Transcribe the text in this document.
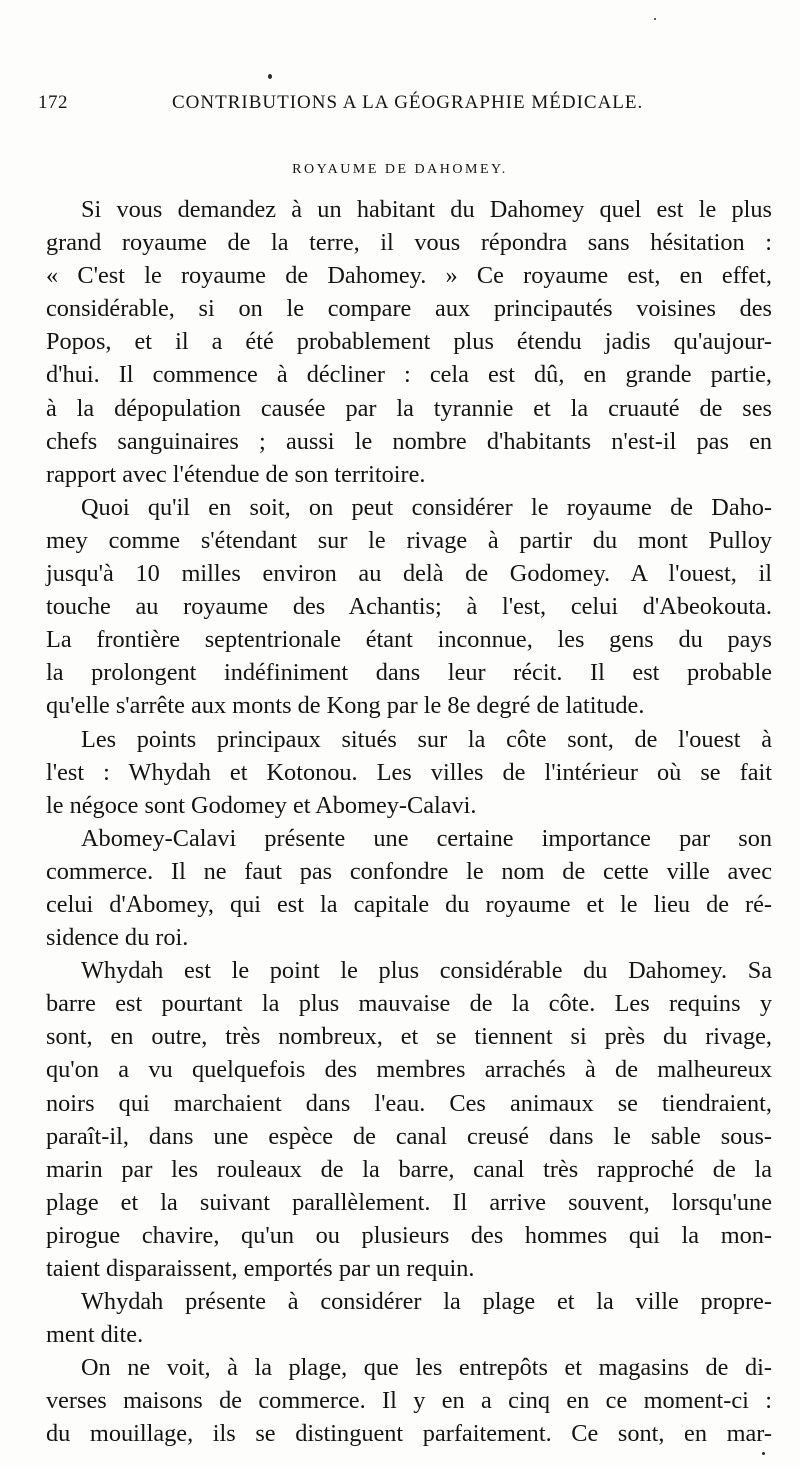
172	CONTRIBUTIONS A LA GÉOGRAPHIE MÉDICALE.
ROYAUME DE DAHOMEY.
Si vous demandez à un habitant du Dahomey quel est le plus
grand royaume de la terre, il vous répondra sans hésitation :
« C'est le royaume de Dahomey. » Ce royaume est, en effet,
considérable, si on le compare aux principautés voisines des
Popos, et il a été probablement plus étendu jadis qu'aujour-
d'hui. Il commence à décliner : cela est dû, en grande partie,
à la dépopulation causée par la tyrannie et la cruauté de ses
chefs sanguinaires ; aussi le nombre d'habitants n'est-il pas en
rapport avec l'étendue de son territoire.
Quoi qu'il en soit, on peut considérer le royaume de Daho-
mey comme s'étendant sur le rivage à partir du mont Pulloy
jusqu'à 10 milles environ au delà de Godomey. A l'ouest, il
touche au royaume des Achantis; à l'est, celui d'Abeokouta.
La frontière septentrionale étant inconnue, les gens du pays
la prolongent indéfiniment dans leur récit. Il est probable
qu'elle s'arrête aux monts de Kong par le 8e degré de latitude.
Les points principaux situés sur la côte sont, de l'ouest à
l'est : Whydah et Kotonou. Les villes de l'intérieur où se fait
le négoce sont Godomey et Abomey-Calavi.
Abomey-Calavi présente une certaine importance par son
commerce. Il ne faut pas confondre le nom de cette ville avec
celui d'Abomey, qui est la capitale du royaume et le lieu de ré-
sidence du roi.
Whydah est le point le plus considérable du Dahomey. Sa
barre est pourtant la plus mauvaise de la côte. Les requins y
sont, en outre, très nombreux, et se tiennent si près du rivage,
qu'on a vu quelquefois des membres arrachés à de malheureux
noirs qui marchaient dans l'eau. Ces animaux se tiendraient,
paraît-il, dans une espèce de canal creusé dans le sable sous-
marin par les rouleaux de la barre, canal très rapproché de la
plage et la suivant parallèlement. Il arrive souvent, lorsqu'une
pirogue chavire, qu'un ou plusieurs des hommes qui la mon-
taient disparaissent, emportés par un requin.
Whydah présente à considérer la plage et la ville propre-
ment dite.
On ne voit, à la plage, que les entrepôts et magasins de di-
verses maisons de commerce. Il y en a cinq en ce moment-ci :
du mouillage, ils se distinguent parfaitement. Ce sont, en mar-
